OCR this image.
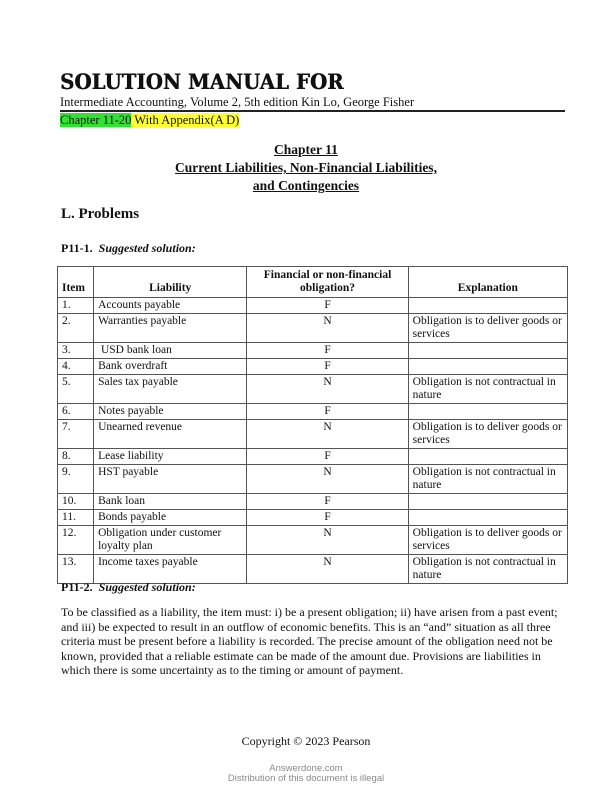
SOLUTION MANUAL FOR
Intermediate Accounting, Volume 2, 5th edition Kin Lo, George Fisher
Chapter 11-20 With Appendix(A D)
Chapter 11
Current Liabilities, Non-Financial Liabilities,
and Contingencies
L. Problems
P11-1. Suggested solution:
Item	Liability	Financial or non-financial obligation?	Explanation
1.	Accounts payable	F	
2.	Warranties payable	N	Obligation is to deliver goods or services
3.	USD bank loan	F	
4.	Bank overdraft	F	
5.	Sales tax payable	N	Obligation is not contractual in nature
6.	Notes payable	F	
7.	Unearned revenue	N	Obligation is to deliver goods or services
8.	Lease liability	F	
9.	HST payable	N	Obligation is not contractual in nature
10.	Bank loan	F	
11.	Bonds payable	F	
12.	Obligation under customer loyalty plan	N	Obligation is to deliver goods or services
13.	Income taxes payable	N	Obligation is not contractual in nature
P11-2. Suggested solution:
To be classified as a liability, the item must: i) be a present obligation; ii) have arisen from a past event; and iii) be expected to result in an outflow of economic benefits. This is an “and” situation as all three criteria must be present before a liability is recorded. The precise amount of the obligation need not be known, provided that a reliable estimate can be made of the amount due. Provisions are liabilities in which there is some uncertainty as to the timing or amount of payment.
Copyright © 2023 Pearson
Answerdone.com
Distribution of this document is illegal
